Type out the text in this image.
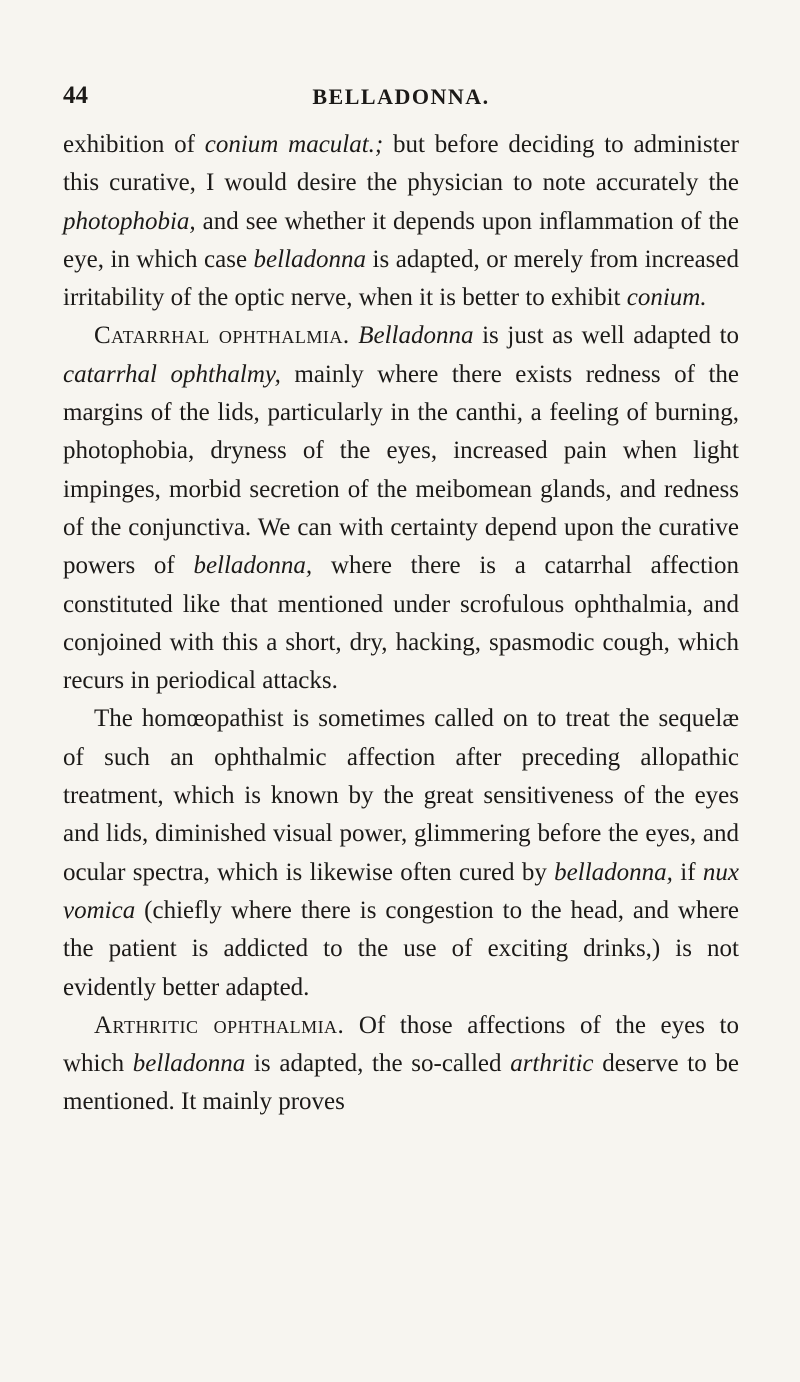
44	BELLADONNA.

exhibition of conium maculat.; but before deciding to administer this curative, I would desire the physician to note accurately the photophobia, and see whether it depends upon inflammation of the eye, in which case belladonna is adapted, or merely from increased irritability of the optic nerve, when it is better to exhibit conium.

Catarrhal ophthalmia. Belladonna is just as well adapted to catarrhal ophthalmy, mainly where there exists redness of the margins of the lids, particularly in the canthi, a feeling of burning, photophobia, dryness of the eyes, increased pain when light impinges, morbid secretion of the meibomean glands, and redness of the conjunctiva. We can with certainty depend upon the curative powers of belladonna, where there is a catarrhal affection constituted like that mentioned under scrofulous ophthalmia, and conjoined with this a short, dry, hacking, spasmodic cough, which recurs in periodical attacks.

The homœopathist is sometimes called on to treat the sequelæ of such an ophthalmic affection after preceding allopathic treatment, which is known by the great sensitiveness of the eyes and lids, diminished visual power, glimmering before the eyes, and ocular spectra, which is likewise often cured by belladonna, if nux vomica (chiefly where there is congestion to the head, and where the patient is addicted to the use of exciting drinks,) is not evidently better adapted.

Arthritic ophthalmia. Of those affections of the eyes to which belladonna is adapted, the so-called arthritic deserve to be mentioned. It mainly proves
